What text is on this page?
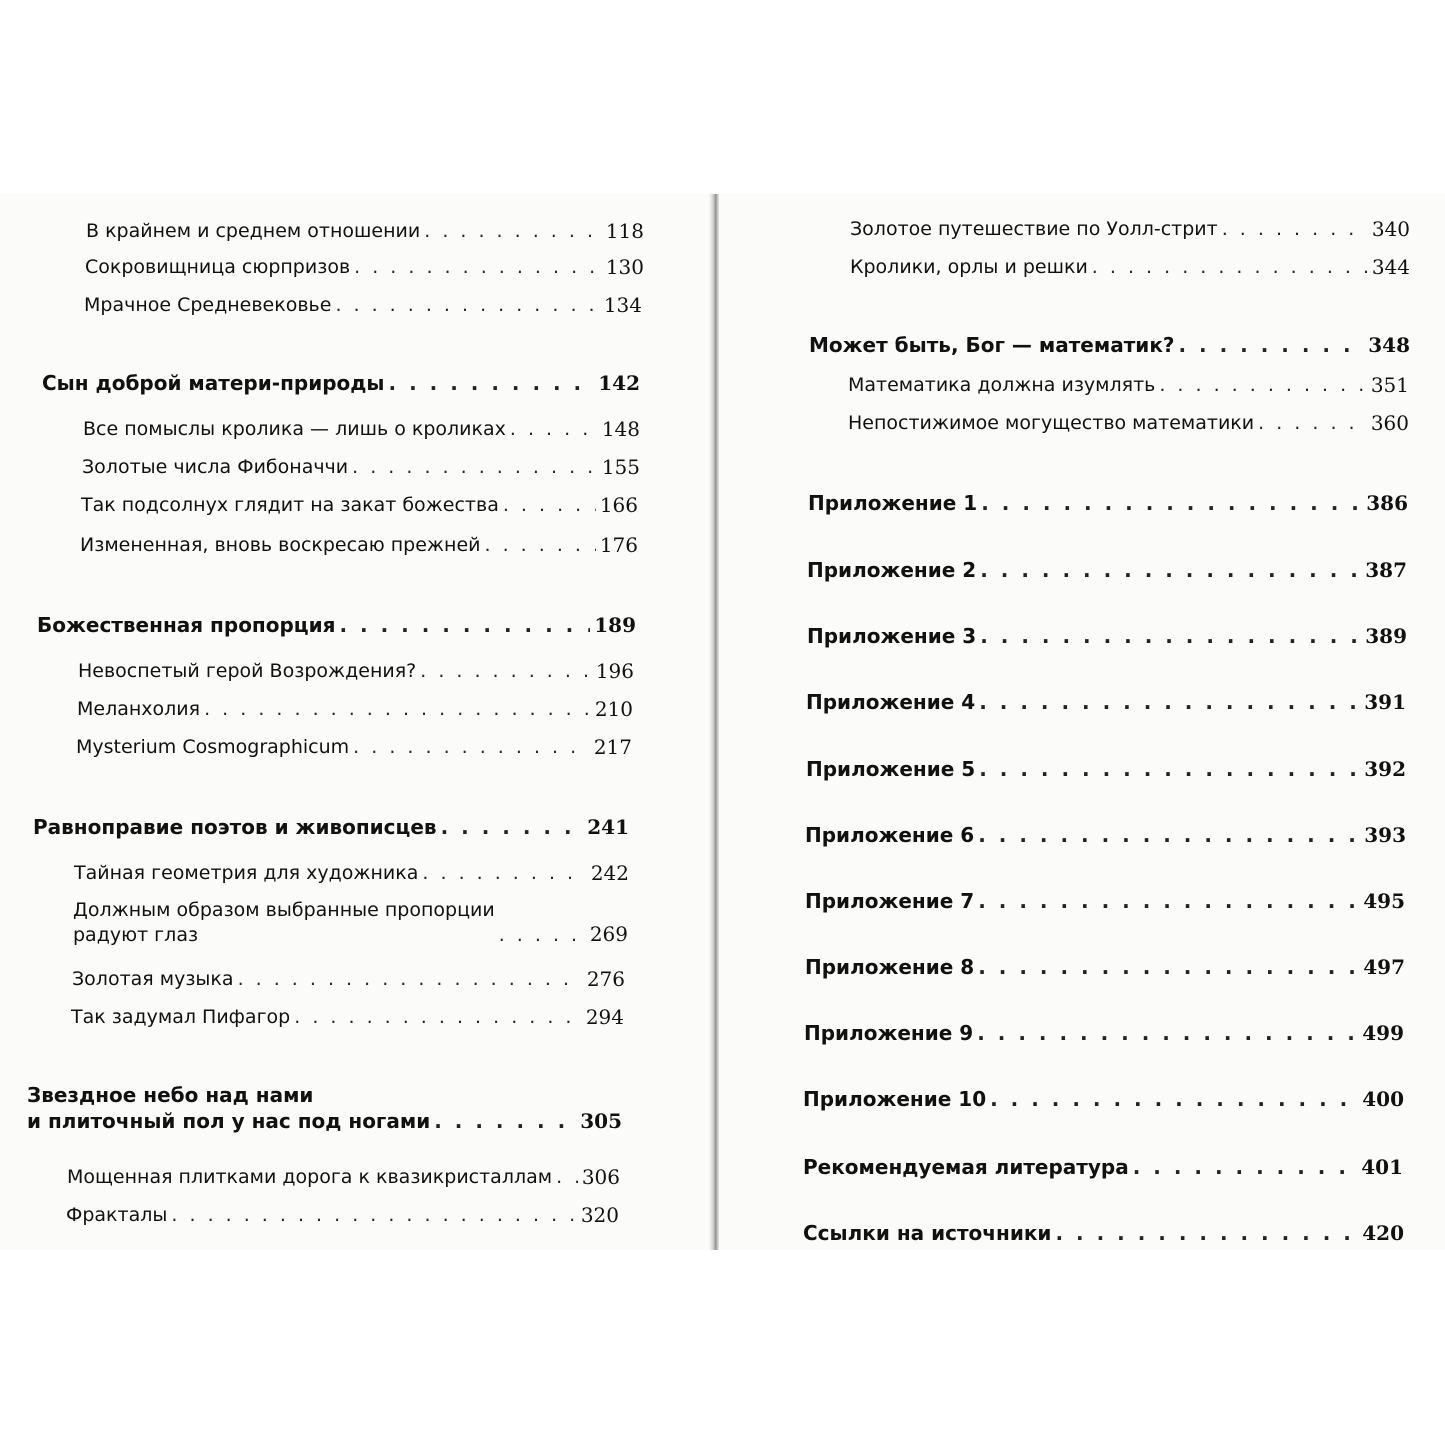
В крайнем и среднем отношении . . .	118
Сокровищница сюрпризов . . .	130
Мрачное Средневековье . . .	134
Сын доброй матери-природы . . .	142
Все помыслы кролика — лишь о кроликах . . .	148
Золотые числа Фибоначчи . . .	155
Так подсолнух глядит на закат божества . . .	166
Измененная, вновь воскресаю прежней . . .	176
Божественная пропорция . . .	189
Невоспетый герой Возрождения? . . .	196
Меланхолия . . .	210
Mysterium Cosmographicum . . .	217
Равноправие поэтов и живописцев . . .	241
Тайная геометрия для художника . . .	242
Должным образом выбранные пропорции
радуют глаз . . .	269
Золотая музыка . . .	276
Так задумал Пифагор . . .	294
Звездное небо над нами
и плиточный пол у нас под ногами . . .	305
Мощенная плитками дорога к квазикристаллам . . . 306
Фракталы . . .	320
Золотое путешествие по Уолл-стрит . . .	340
Кролики, орлы и решки . . .	344
Может быть, Бог — математик? . . .	348
Математика должна изумлять . . .	351
Непостижимое могущество математики . . .	360
Приложение 1 . . .	386
Приложение 2 . . .	387
Приложение 3 . . .	389
Приложение 4 . . .	391
Приложение 5 . . .	392
Приложение 6 . . .	393
Приложение 7 . . .	495
Приложение 8 . . .	497
Приложение 9 . . .	499
Приложение 10 . . .	400
Рекомендуемая литература . . .	401
Ссылки на источники . . .	420
